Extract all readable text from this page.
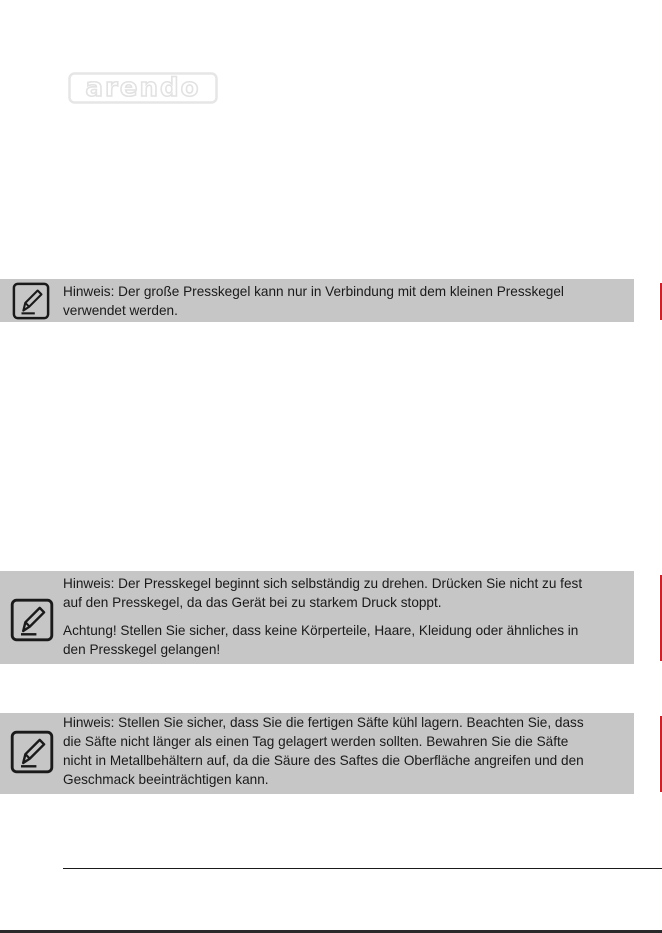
arendo

Hinweis: Der große Presskegel kann nur in Verbindung mit dem kleinen Presskegel verwendet werden.

Hinweis: Der Presskegel beginnt sich selbständig zu drehen. Drücken Sie nicht zu fest auf den Presskegel, da das Gerät bei zu starkem Druck stoppt.

Achtung! Stellen Sie sicher, dass keine Körperteile, Haare, Kleidung oder ähnliches in den Presskegel gelangen!

Hinweis: Stellen Sie sicher, dass Sie die fertigen Säfte kühl lagern. Beachten Sie, dass die Säfte nicht länger als einen Tag gelagert werden sollten. Bewahren Sie die Säfte nicht in Metallbehältern auf, da die Säure des Saftes die Oberfläche angreifen und den Geschmack beeinträchtigen kann.
